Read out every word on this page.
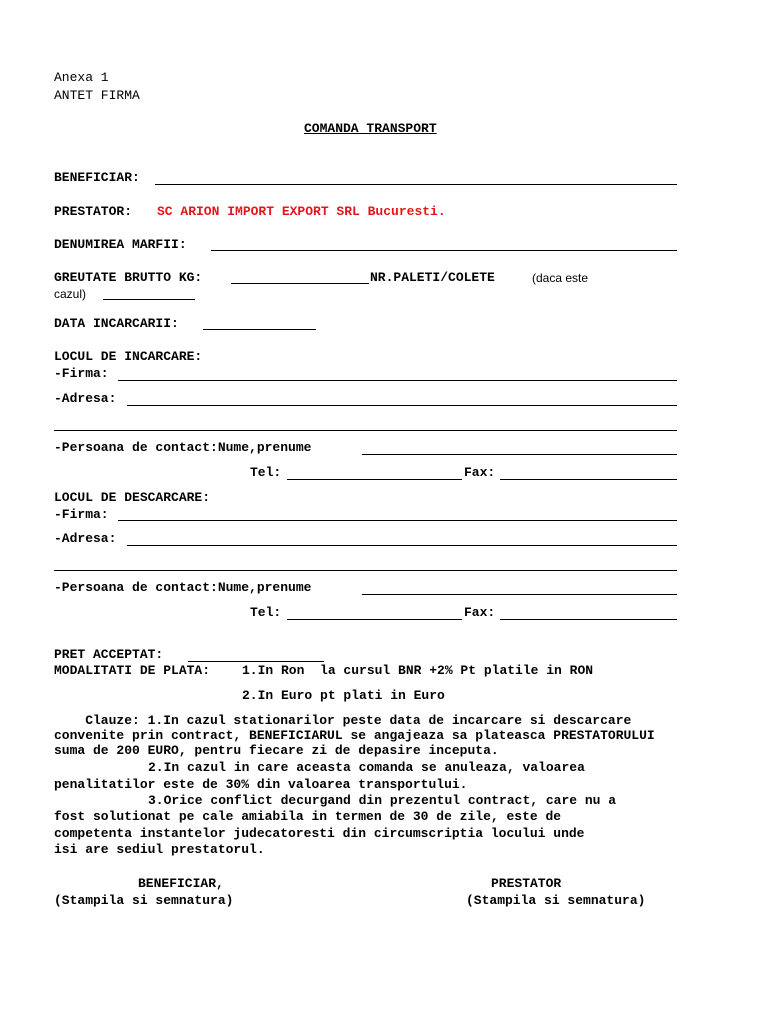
Anexa 1
ANTET FIRMA
COMANDA TRANSPORT
BENEFICIAR:
PRESTATOR: SC ARION IMPORT EXPORT SRL Bucuresti.
DENUMIREA MARFII:
GREUTATE BRUTTO KG:	NR.PALETI/COLETE	(daca este
cazul)
DATA INCARCARII:
LOCUL DE INCARCARE:
-Firma:
-Adresa:
-Persoana de contact:Nume,prenume
Tel:	Fax:
LOCUL DE DESCARCARE:
-Firma:
-Adresa:
-Persoana de contact:Nume,prenume
Tel:	Fax:
PRET ACCEPTAT:
MODALITATI DE PLATA: 1.In Ron  la cursul BNR +2% Pt platile in RON
2.In Euro pt plati in Euro
Clauze: 1.In cazul stationarilor peste data de incarcare si descarcare
convenite prin contract, BENEFICIARUL se angajeaza sa plateasca PRESTATORULUI
suma de 200 EURO, pentru fiecare zi de depasire inceputa.
2.In cazul in care aceasta comanda se anuleaza, valoarea
penalitatilor este de 30% din valoarea transportului.
3.Orice conflict decurgand din prezentul contract, care nu a
fost solutionat pe cale amiabila in termen de 30 de zile, este de
competenta instantelor judecatoresti din circumscriptia locului unde
isi are sediul prestatorul.
BENEFICIAR,
(Stampila si semnatura)
PRESTATOR
(Stampila si semnatura)
